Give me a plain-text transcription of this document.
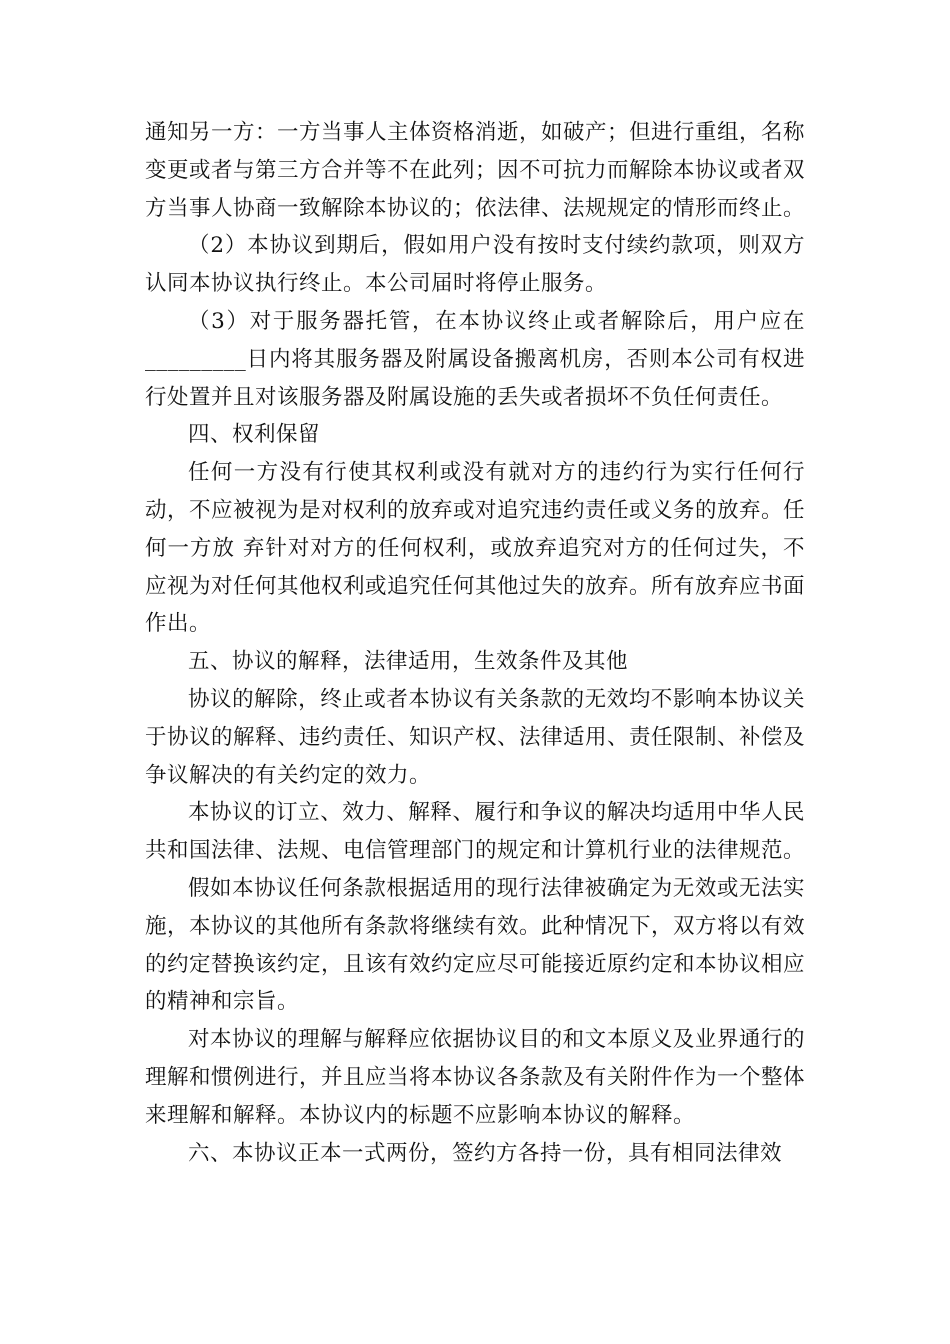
通知另一方：一方当事人主体资格消逝，如破产；但进行重组，名称变更或者与第三方合并等不在此列；因不可抗力而解除本协议或者双方当事人协商一致解除本协议的；依法律、法规规定的情形而终止。

（2）本协议到期后，假如用户没有按时支付续约款项，则双方认同本协议执行终止。本公司届时将停止服务。

（3）对于服务器托管，在本协议终止或者解除后，用户应在_________日内将其服务器及附属设备搬离机房，否则本公司有权进行处置并且对该服务器及附属设施的丢失或者损坏不负任何责任。

四、权利保留

任何一方没有行使其权利或没有就对方的违约行为实行任何行动，不应被视为是对权利的放弃或对追究违约责任或义务的放弃。任何一方放 弃针对对方的任何权利，或放弃追究对方的任何过失，不应视为对任何其他权利或追究任何其他过失的放弃。所有放弃应书面作出。

五、协议的解释，法律适用，生效条件及其他

协议的解除，终止或者本协议有关条款的无效均不影响本协议关于协议的解释、违约责任、知识产权、法律适用、责任限制、补偿及争议解决的有关约定的效力。

本协议的订立、效力、解释、履行和争议的解决均适用中华人民共和国法律、法规、电信管理部门的规定和计算机行业的法律规范。

假如本协议任何条款根据适用的现行法律被确定为无效或无法实施，本协议的其他所有条款将继续有效。此种情况下，双方将以有效的约定替换该约定，且该有效约定应尽可能接近原约定和本协议相应的精神和宗旨。

对本协议的理解与解释应依据协议目的和文本原义及业界通行的理解和惯例进行，并且应当将本协议各条款及有关附件作为一个整体来理解和解释。本协议内的标题不应影响本协议的解释。

六、本协议正本一式两份，签约方各持一份，具有相同法律效
